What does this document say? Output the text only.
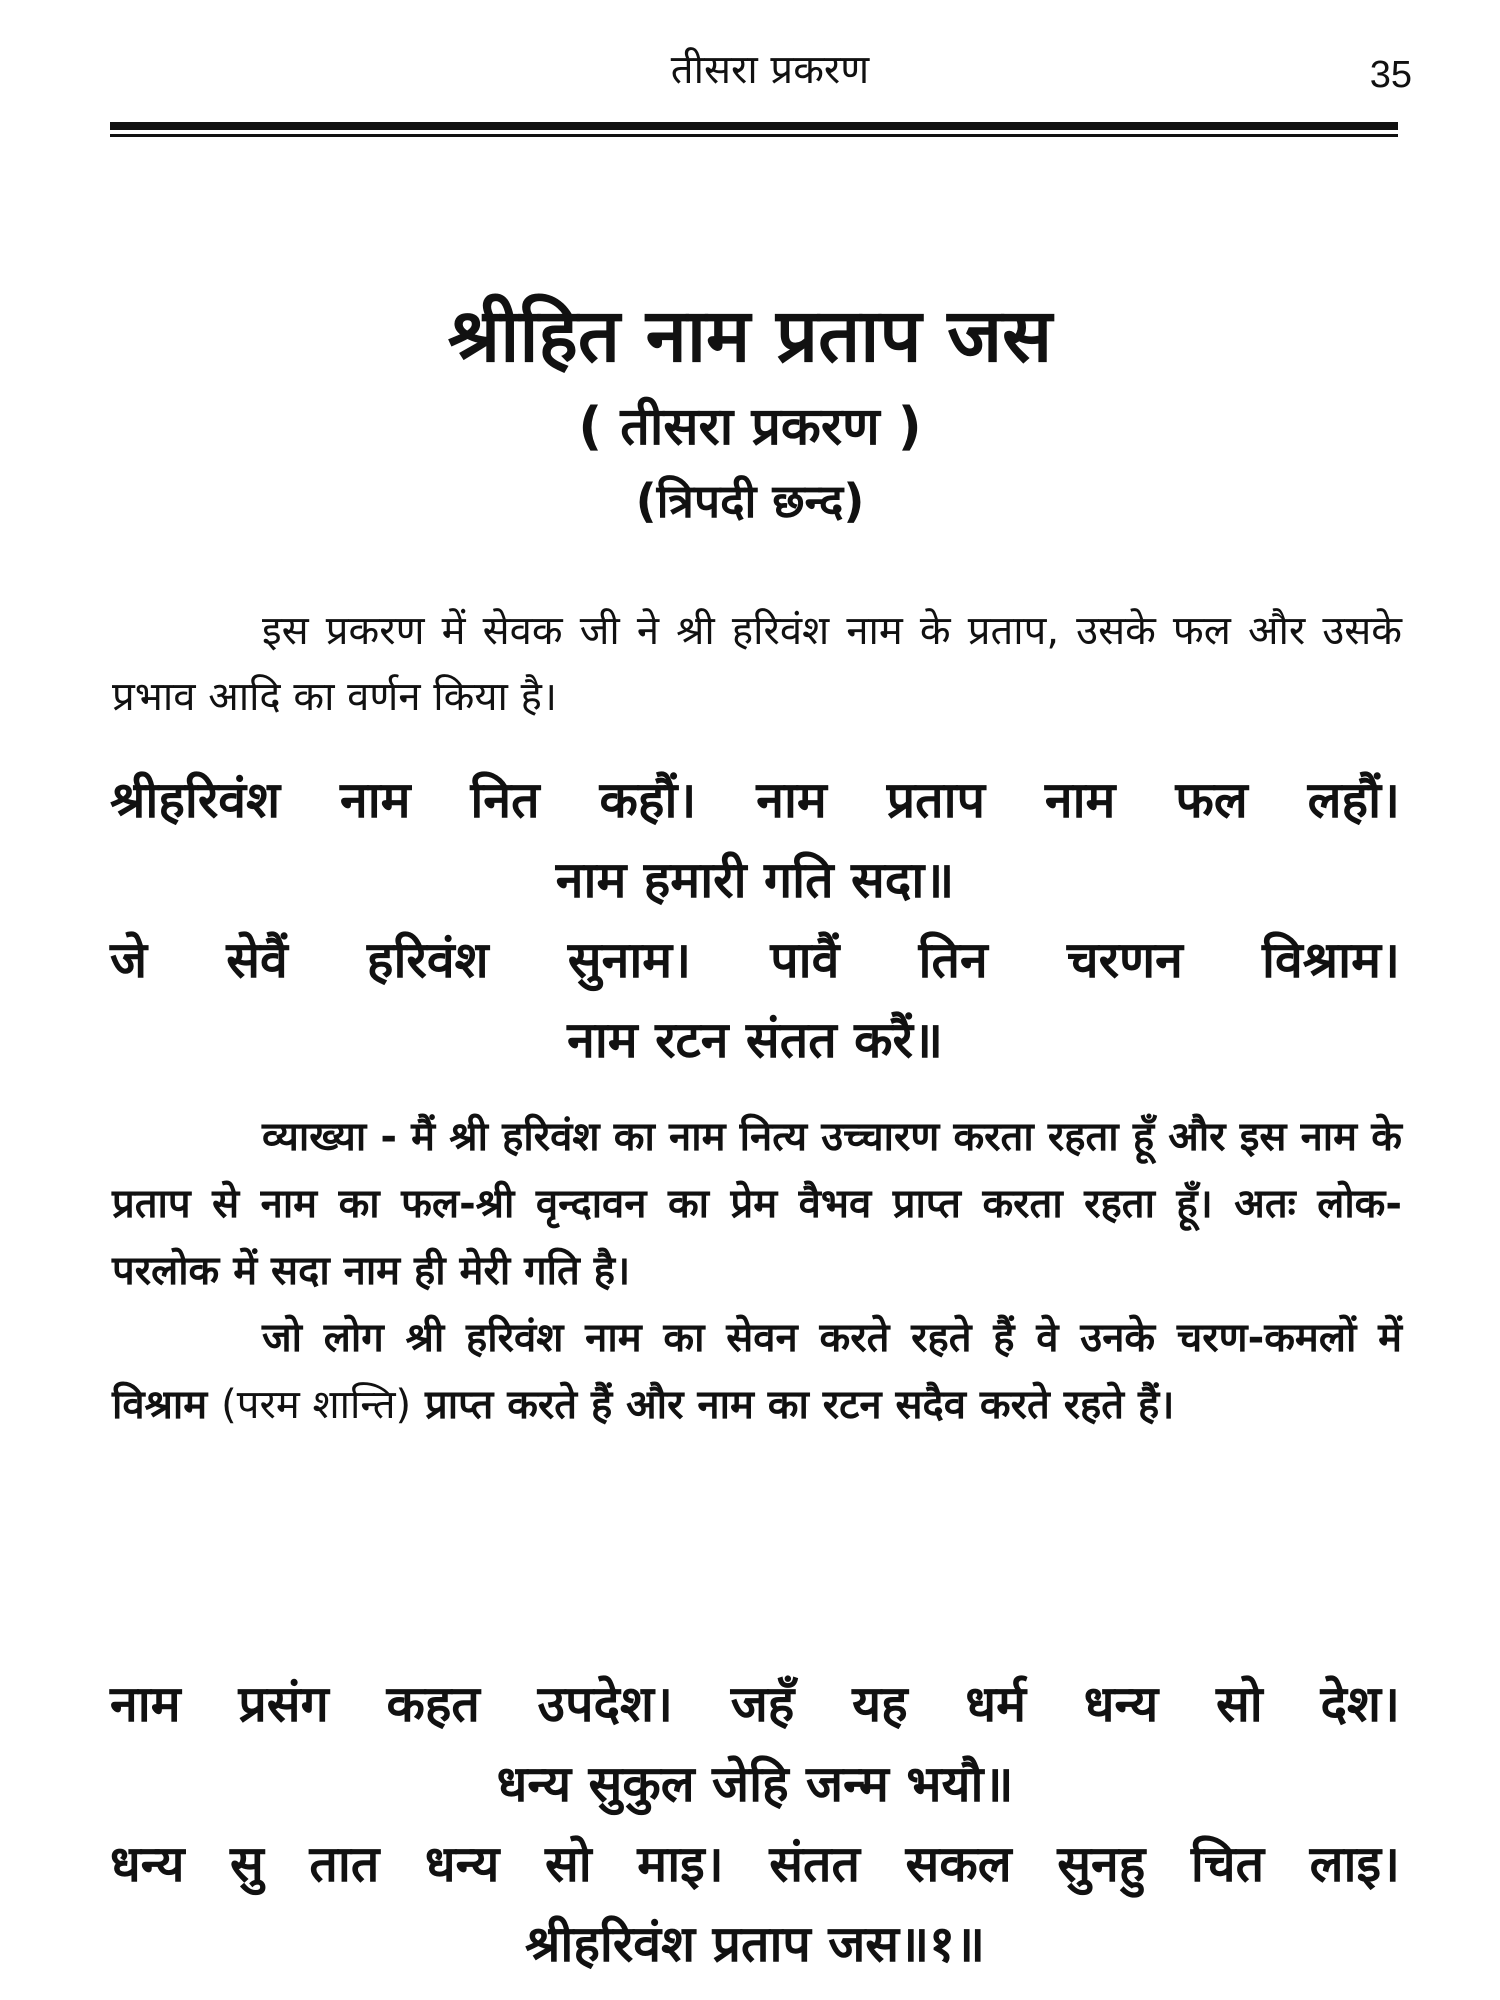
तीसरा प्रकरण	35
श्रीहित नाम प्रताप जस
( तीसरा प्रकरण )
(त्रिपदी छन्द)
इस प्रकरण में सेवक जी ने श्री हरिवंश नाम के प्रताप, उसके फल और उसके प्रभाव आदि का वर्णन किया है।
श्रीहरिवंश नाम नित कहौं। नाम प्रताप नाम फल लहौं।
नाम हमारी गति सदा॥
जे सेवैं हरिवंश सुनाम। पावैं तिन चरणन विश्राम।
नाम रटन संतत करैं॥

व्याख्या - मैं श्री हरिवंश का नाम नित्य उच्चारण करता रहता हूँ और इस नाम के प्रताप से नाम का फल-श्री वृन्दावन का प्रेम वैभव प्राप्त करता रहता हूँ। अतः लोक-परलोक में सदा नाम ही मेरी गति है।

जो लोग श्री हरिवंश नाम का सेवन करते रहते हैं वे उनके चरण-कमलों में विश्राम (परम शान्ति) प्राप्त करते हैं और नाम का रटन सदैव करते रहते हैं।

नाम प्रसंग कहत उपदेश। जहँ यह धर्म धन्य सो देश।
धन्य सुकुल जेहि जन्म भयौ॥
धन्य सु तात धन्य सो माइ। संतत सकल सुनहु चित लाइ।
श्रीहरिवंश प्रताप जस॥१॥
